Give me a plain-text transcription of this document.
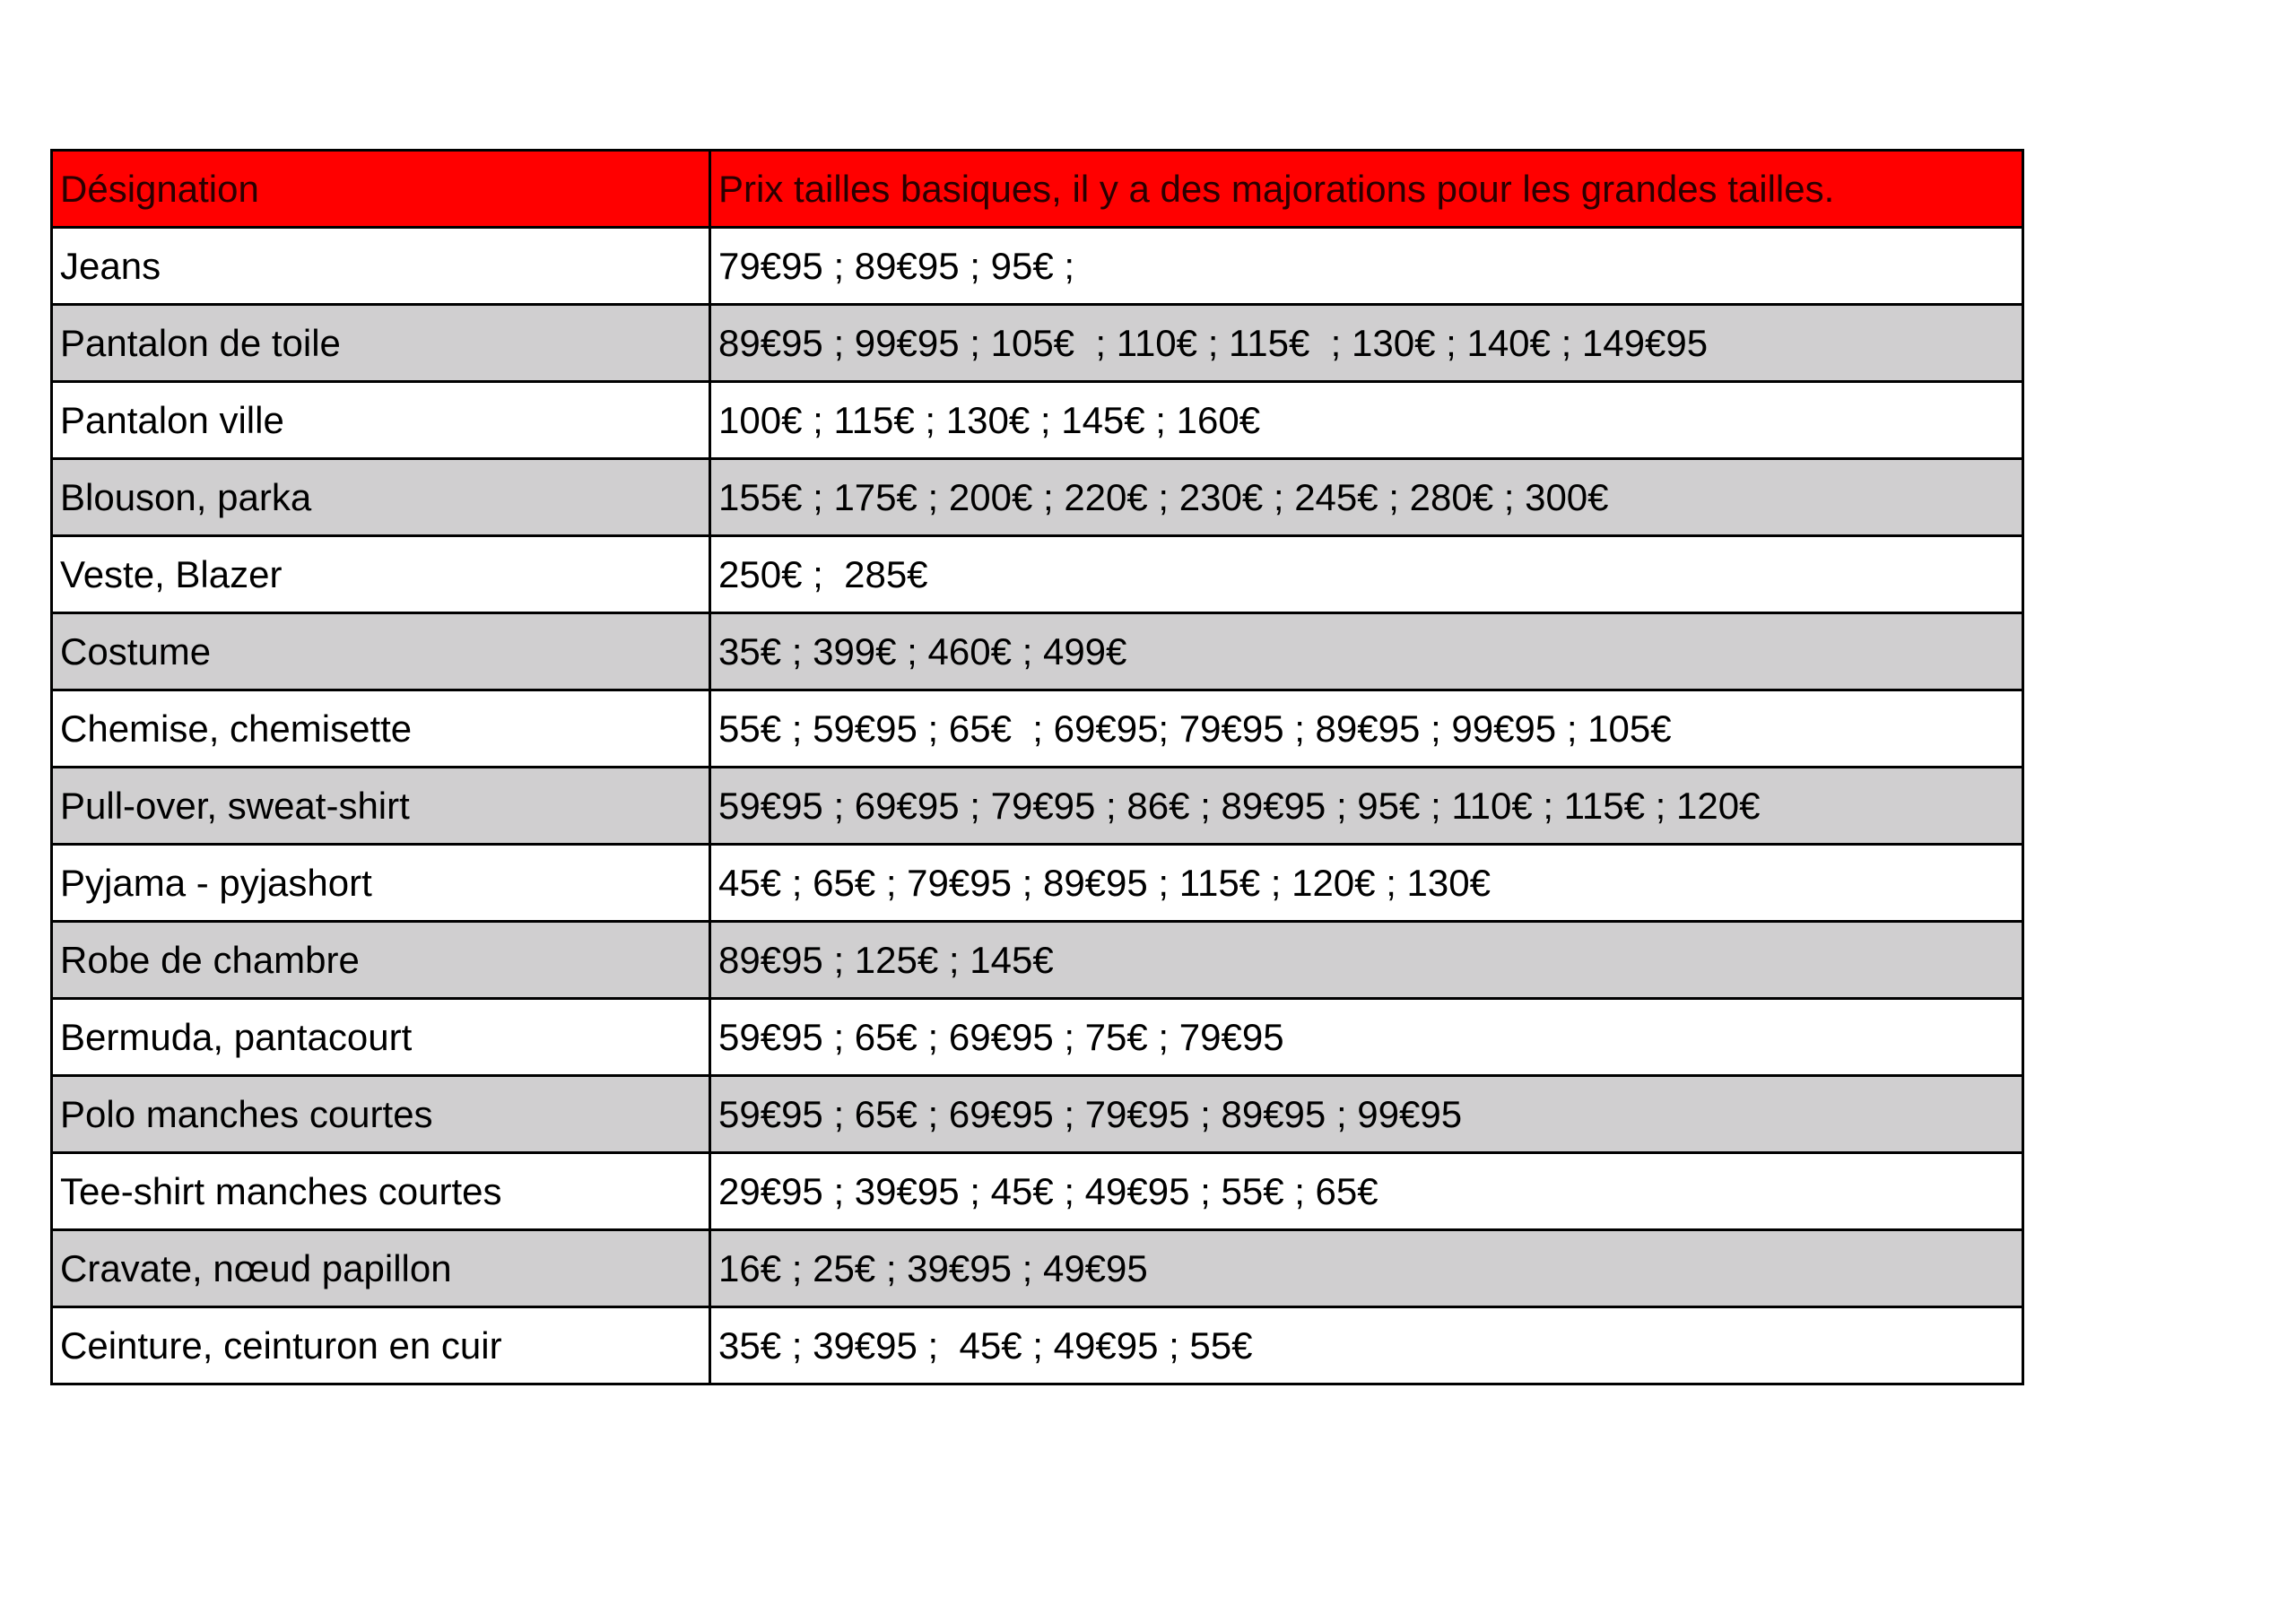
Désignation	Prix tailles basiques, il y a des majorations pour les grandes tailles.
Jeans	79€95 ; 89€95 ; 95€ ;
Pantalon de toile	89€95 ; 99€95 ; 105€  ; 110€ ; 115€  ; 130€ ; 140€ ; 149€95
Pantalon ville	100€ ; 115€ ; 130€ ; 145€ ; 160€
Blouson, parka	155€ ; 175€ ; 200€ ; 220€ ; 230€ ; 245€ ; 280€ ; 300€
Veste, Blazer	250€ ;  285€
Costume	35€ ; 399€ ; 460€ ; 499€
Chemise, chemisette	55€ ; 59€95 ; 65€  ; 69€95; 79€95 ; 89€95 ; 99€95 ; 105€
Pull-over, sweat-shirt	59€95 ; 69€95 ; 79€95 ; 86€ ; 89€95 ; 95€ ; 110€ ; 115€ ; 120€
Pyjama - pyjashort	45€ ; 65€ ; 79€95 ; 89€95 ; 115€ ; 120€ ; 130€
Robe de chambre	89€95 ; 125€ ; 145€
Bermuda, pantacourt	59€95 ; 65€ ; 69€95 ; 75€ ; 79€95
Polo manches courtes	59€95 ; 65€ ; 69€95 ; 79€95 ; 89€95 ; 99€95
Tee-shirt manches courtes	29€95 ; 39€95 ; 45€ ; 49€95 ; 55€ ; 65€
Cravate, nœud papillon	16€ ; 25€ ; 39€95 ; 49€95
Ceinture, ceinturon en cuir	35€ ; 39€95 ;  45€ ; 49€95 ; 55€
